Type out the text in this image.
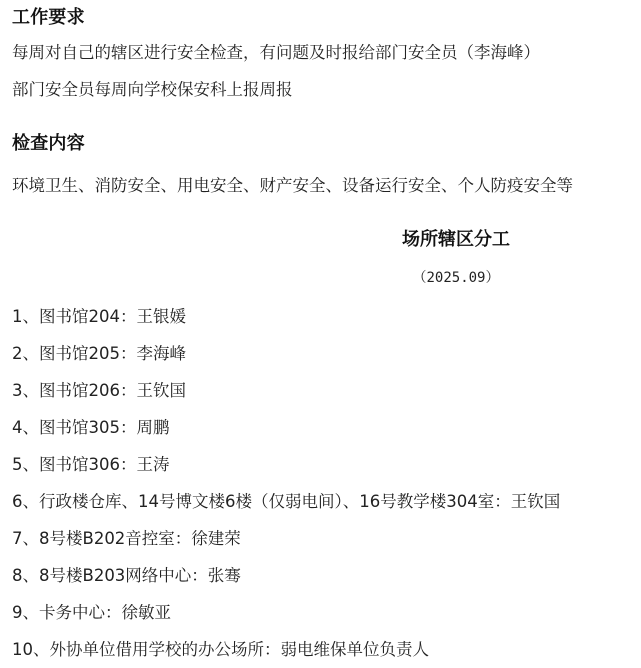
工作要求
每周对自己的辖区进行安全检查，有问题及时报给部门安全员（李海峰）
部门安全员每周向学校保安科上报周报
检查内容
环境卫生、消防安全、用电安全、财产安全、设备运行安全、个人防疫安全等
场所辖区分工
（2025.09）
1、图书馆204：王银媛
2、图书馆205：李海峰
3、图书馆206：王钦国
4、图书馆305：周鹏
5、图书馆306：王涛
6、行政楼仓库、14号博文楼6楼（仅弱电间）、16号教学楼304室：王钦国
7、8号楼B202音控室：徐建荣
8、8号楼B203网络中心：张骞
9、卡务中心：徐敏亚
10、外协单位借用学校的办公场所：弱电维保单位负责人
